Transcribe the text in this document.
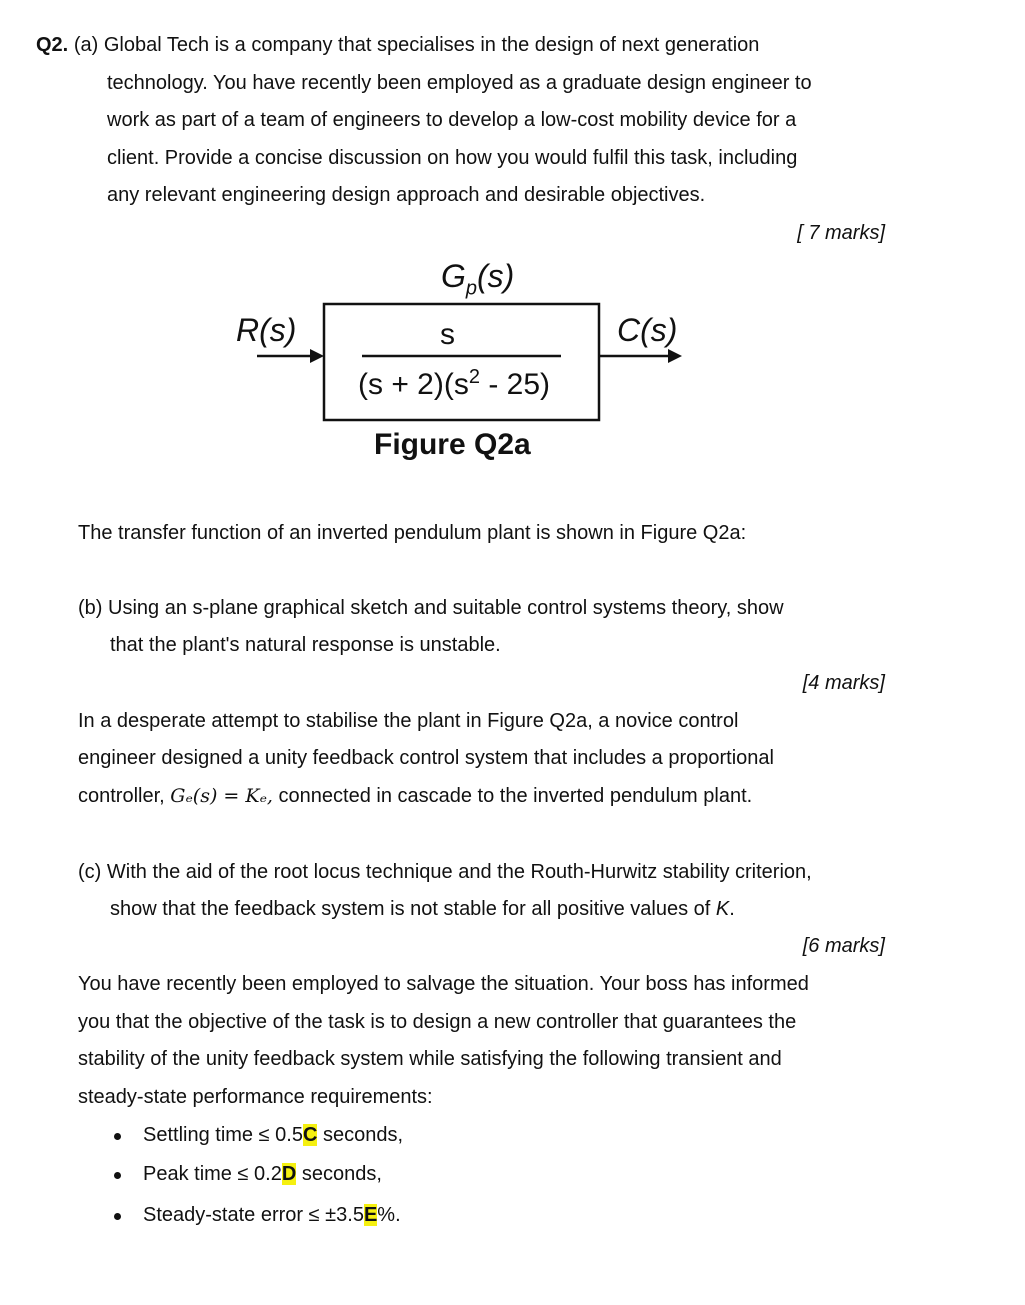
Q2. (a) Global Tech is a company that specialises in the design of next generation
technology. You have recently been employed as a graduate design engineer to
work as part of a team of engineers to develop a low-cost mobility device for a
client. Provide a concise discussion on how you would fulfil this task, including
any relevant engineering design approach and desirable objectives.
[ 7 marks]
$G_p(s)$
R(s)	C(s)
s
$(s + 2)(s^2 - 25)$
Figure Q2a
The transfer function of an inverted pendulum plant is shown in Figure Q2a:
(b) Using an s-plane graphical sketch and suitable control systems theory, show
that the plant's natural response is unstable.
[4 marks]
In a desperate attempt to stabilise the plant in Figure Q2a, a novice control
engineer designed a unity feedback control system that includes a proportional
controller, Gₑ(s) = Kₑ, connected in cascade to the inverted pendulum plant.
(c) With the aid of the root locus technique and the Routh-Hurwitz stability criterion,
show that the feedback system is not stable for all positive values of K.
[6 marks]
You have recently been employed to salvage the situation. Your boss has informed
you that the objective of the task is to design a new controller that guarantees the
stability of the unity feedback system while satisfying the following transient and
steady-state performance requirements:
Settling time ≤ 0.5C seconds,
Peak time ≤ 0.2D seconds,
Steady-state error ≤ ±3.5E%.
